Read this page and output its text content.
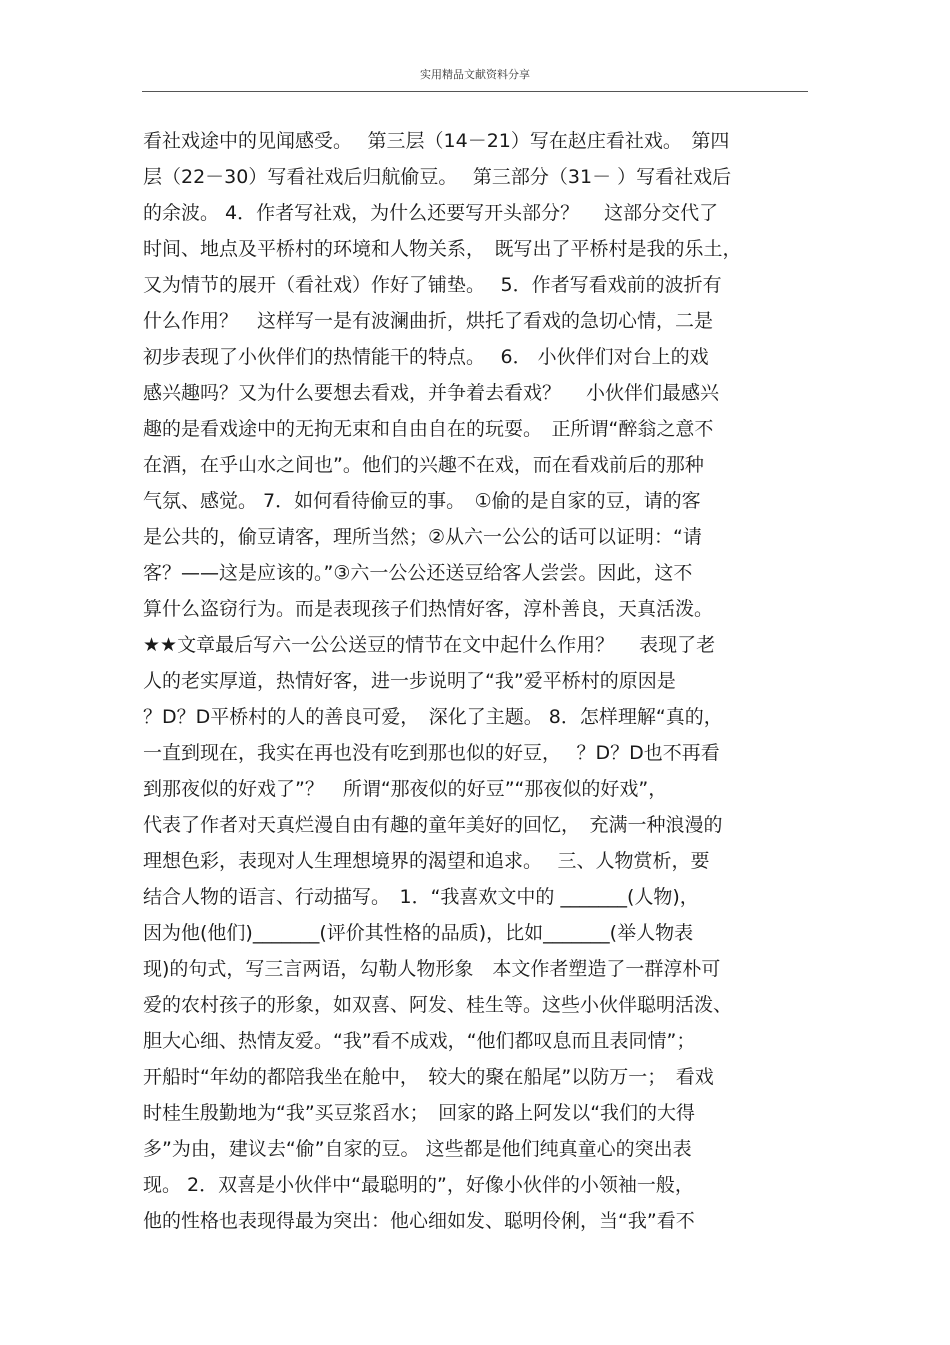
实用精品文献资料分享
看社戏途中的见闻感受。　 第三层（14－21）写在赵庄看社戏。　第四
层（22－30）写看社戏后归航偷豆。　 第三部分（31－ ）写看社戏后
的余波。 4．作者写社戏，为什么还要写开头部分？　 这部分交代了
时间、地点及平桥村的环境和人物关系，　既写出了平桥村是我的乐土，
又为情节的展开（看社戏）作好了铺垫。　 5．作者写看戏前的波折有
什么作用？　这样写一是有波澜曲折，烘托了看戏的急切心情，二是
初步表现了小伙伴们的热情能干的特点。　 6． 小伙伴们对台上的戏
感兴趣吗？又为什么要想去看戏，并争着去看戏？　 小伙伴们最感兴
趣的是看戏途中的无拘无束和自由自在的玩耍。　正所谓“醉翁之意不
在酒，在乎山水之间也”。他们的兴趣不在戏，而在看戏前后的那种
气氛、感觉。 7．如何看待偷豆的事。　①偷的是自家的豆，请的客
是公共的，偷豆请客，理所当然；②从六一公公的话可以证明：“请
客？——这是应该的。”③六一公公还送豆给客人尝尝。因此，这不
算什么盗窃行为。而是表现孩子们热情好客，淳朴善良，天真活泼。
★★文章最后写六一公公送豆的情节在文中起什么作用？　 表现了老
人的老实厚道，热情好客，进一步说明了“我”爱平桥村的原因是
？D？D平桥村的人的善良可爱，　深化了主题。 8．怎样理解“真的，
一直到现在，我实在再也没有吃到那也似的好豆，　 ？D？D也不再看
到那夜似的好戏了”？　所谓“那夜似的好豆”“那夜似的好戏”，
代表了作者对天真烂漫自由有趣的童年美好的回忆，　充满一种浪漫的
理想色彩，表现对人生理想境界的渴望和追求。　 三、人物赏析，要
结合人物的语言、行动描写。　1．“我喜欢文中的 _______(人物)，
因为他(他们)_______(评价其性格的品质)，比如_______(举人物表
现)的句式，写三言两语，勾勒人物形象　本文作者塑造了一群淳朴可
爱的农村孩子的形象，如双喜、阿发、桂生等。这些小伙伴聪明活泼、
胆大心细、热情友爱。“我”看不成戏，“他们都叹息而且表同情”；
开船时“年幼的都陪我坐在舱中，　较大的聚在船尾”以防万一；　看戏
时桂生殷勤地为“我”买豆浆舀水；　回家的路上阿发以“我们的大得
多”为由，建议去“偷”自家的豆。 这些都是他们纯真童心的突出表
现。 2．双喜是小伙伴中“最聪明的”，好像小伙伴的小领袖一般，
他的性格也表现得最为突出：他心细如发、聪明伶俐，当“我”看不
